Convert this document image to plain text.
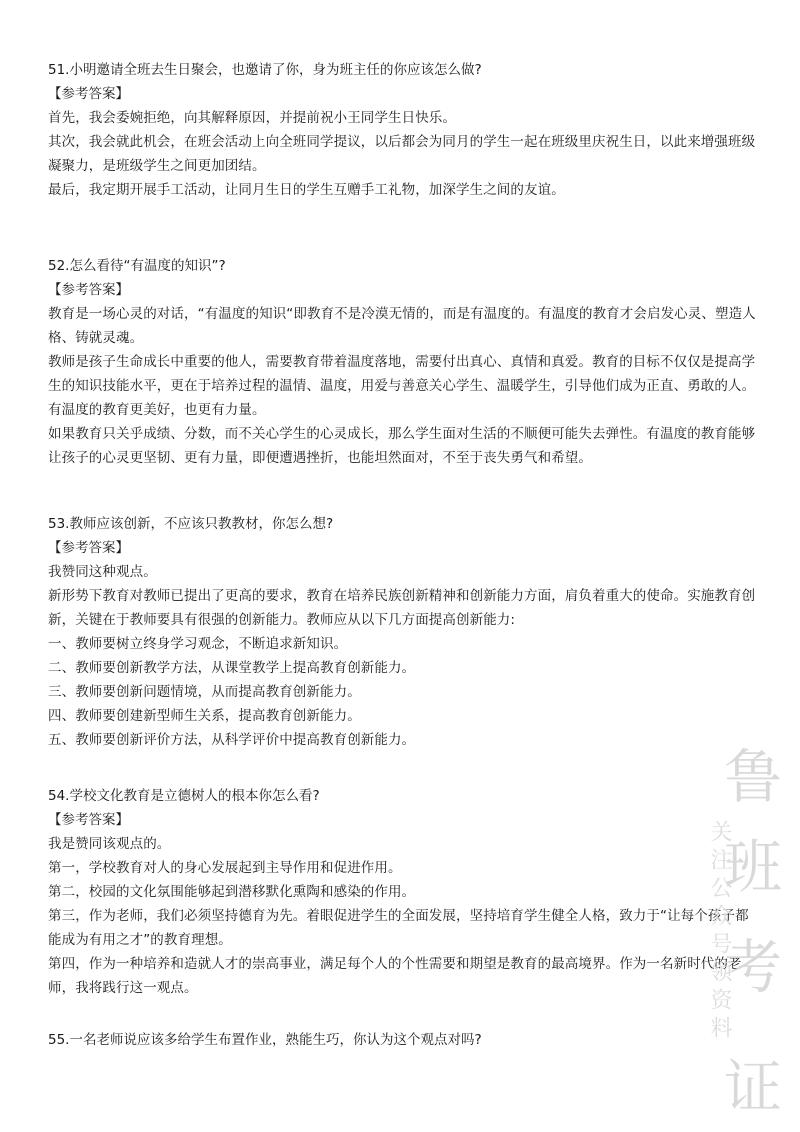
51.小明邀请全班去生日聚会，也邀请了你，身为班主任的你应该怎么做?

【参考答案】

首先，我会委婉拒绝，向其解释原因，并提前祝小王同学生日快乐。

其次，我会就此机会，在班会活动上向全班同学提议，以后都会为同月的学生一起在班级里庆祝生日，以此来增强班级凝聚力，是班级学生之间更加团结。

最后，我定期开展手工活动，让同月生日的学生互赠手工礼物，加深学生之间的友谊。

52.怎么看待“有温度的知识”?

【参考答案】

教育是一场心灵的对话，“有温度的知识“即教育不是冷漠无情的，而是有温度的。有温度的教育才会启发心灵、塑造人格、铸就灵魂。

教师是孩子生命成长中重要的他人，需要教育带着温度落地，需要付出真心、真情和真爱。教育的目标不仅仅是提高学生的知识技能水平，更在于培养过程的温情、温度，用爱与善意关心学生、温暖学生，引导他们成为正直、勇敢的人。有温度的教育更美好，也更有力量。

如果教育只关乎成绩、分数，而不关心学生的心灵成长，那么学生面对生活的不顺便可能失去弹性。有温度的教育能够让孩子的心灵更坚韧、更有力量，即便遭遇挫折，也能坦然面对，不至于丧失勇气和希望。

53.教师应该创新，不应该只教教材，你怎么想?

【参考答案】

我赞同这种观点。

新形势下教育对教师已提出了更高的要求，教育在培养民族创新精神和创新能力方面，肩负着重大的使命。实施教育创新，关键在于教师要具有很强的创新能力。教师应从以下几方面提高创新能力:

一、教师要树立终身学习观念，不断追求新知识。

二、教师要创新教学方法，从课堂教学上提高教育创新能力。

三、教师要创新问题情境，从而提高教育创新能力。

四、教师要创建新型师生关系，提高教育创新能力。

五、教师要创新评价方法，从科学评价中提高教育创新能力。

54.学校文化教育是立德树人的根本你怎么看?

【参考答案】

我是赞同该观点的。

第一，学校教育对人的身心发展起到主导作用和促进作用。

第二，校园的文化氛围能够起到潜移默化熏陶和感染的作用。

第三，作为老师，我们必须坚持德育为先。着眼促进学生的全面发展，坚持培育学生健全人格，致力于“让每个孩子都能成为有用之才”的教育理想。

第四，作为一种培养和造就人才的崇高事业，满足每个人的个性需要和期望是教育的最高境界。作为一名新时代的老师，我将践行这一观点。

55.一名老师说应该多给学生布置作业，熟能生巧，你认为这个观点对吗?

鲁
班
考
证
关注公众号领资料
